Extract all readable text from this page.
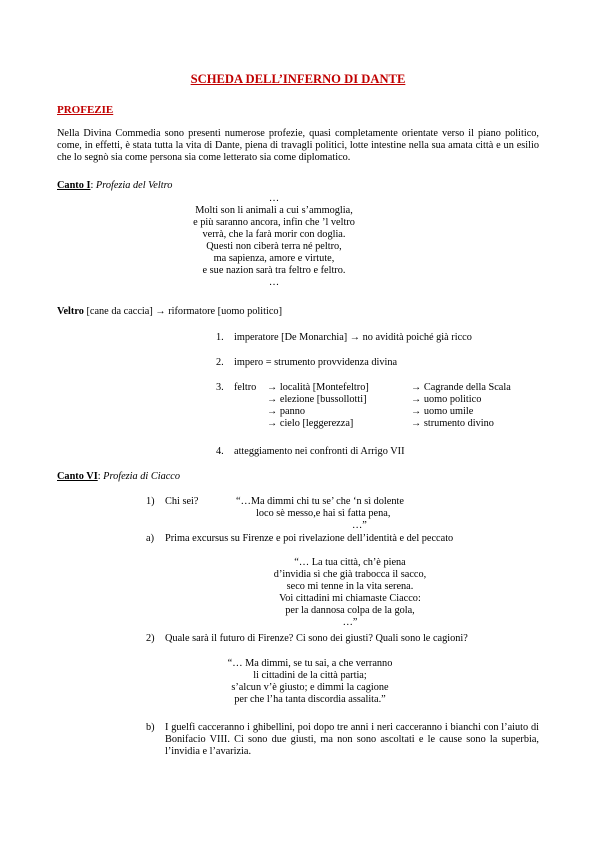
SCHEDA DELL’INFERNO DI DANTE
PROFEZIE
Nella Divina Commedia sono presenti numerose profezie, quasi completamente orientate verso il piano politico, come, in effetti, è stata tutta la vita di Dante, piena di travagli politici, lotte intestine nella sua amata città e un esilio che lo segnò sia come persona sia come letterato sia come diplomatico.
Canto I: Profezia del Veltro
…
Molti son li animali a cui s’ammoglia,
e più saranno ancora, infin che ’l veltro
verrà, che la farà morir con doglia.
Questi non ciberà terra né peltro,
ma sapienza, amore e virtute,
e sue nazion sarà tra feltro e feltro.
…
Veltro [cane da caccia] → riformatore [uomo politico]
1. imperatore [De Monarchia] → no avidità poiché già ricco
2. impero = strumento provvidenza divina
3. feltro → località [Montefeltro]
→ elezione [bussollotti]
→ panno
→ cielo [leggerezza]
→ Cagrande della Scala
→ uomo politico
→ uomo umile
→ strumento divino
4. atteggiamento nei confronti di Arrigo VII
Canto VI: Profezia di Ciacco
1) Chi sei?	“…Ma dimmi chi tu se’ che ‘n sì dolente
loco sè messo,e hai sì fatta pena,
…”
a) Prima excursus su Firenze e poi rivelazione dell’identità e del peccato
“… La tua città, ch’è piena
d’invidia sì che già trabocca il sacco,
seco mi tenne in la vita serena.
Voi cittadini mi chiamaste Ciacco:
per la dannosa colpa de la gola,
…”
2) Quale sarà il futuro di Firenze? Ci sono dei giusti? Quali sono le cagioni?
“… Ma dimmi, se tu sai, a che verranno
li cittadini de la città partia;
s’alcun v’è giusto; e dimmi la cagione
per che l’ha tanta discordia assalita.”
b) I guelfi cacceranno i ghibellini, poi dopo tre anni i neri cacceranno i bianchi con l’aiuto di Bonifacio VIII. Ci sono due giusti, ma non sono ascoltati e le cause sono la superbia, l’invidia e l’avarizia.
